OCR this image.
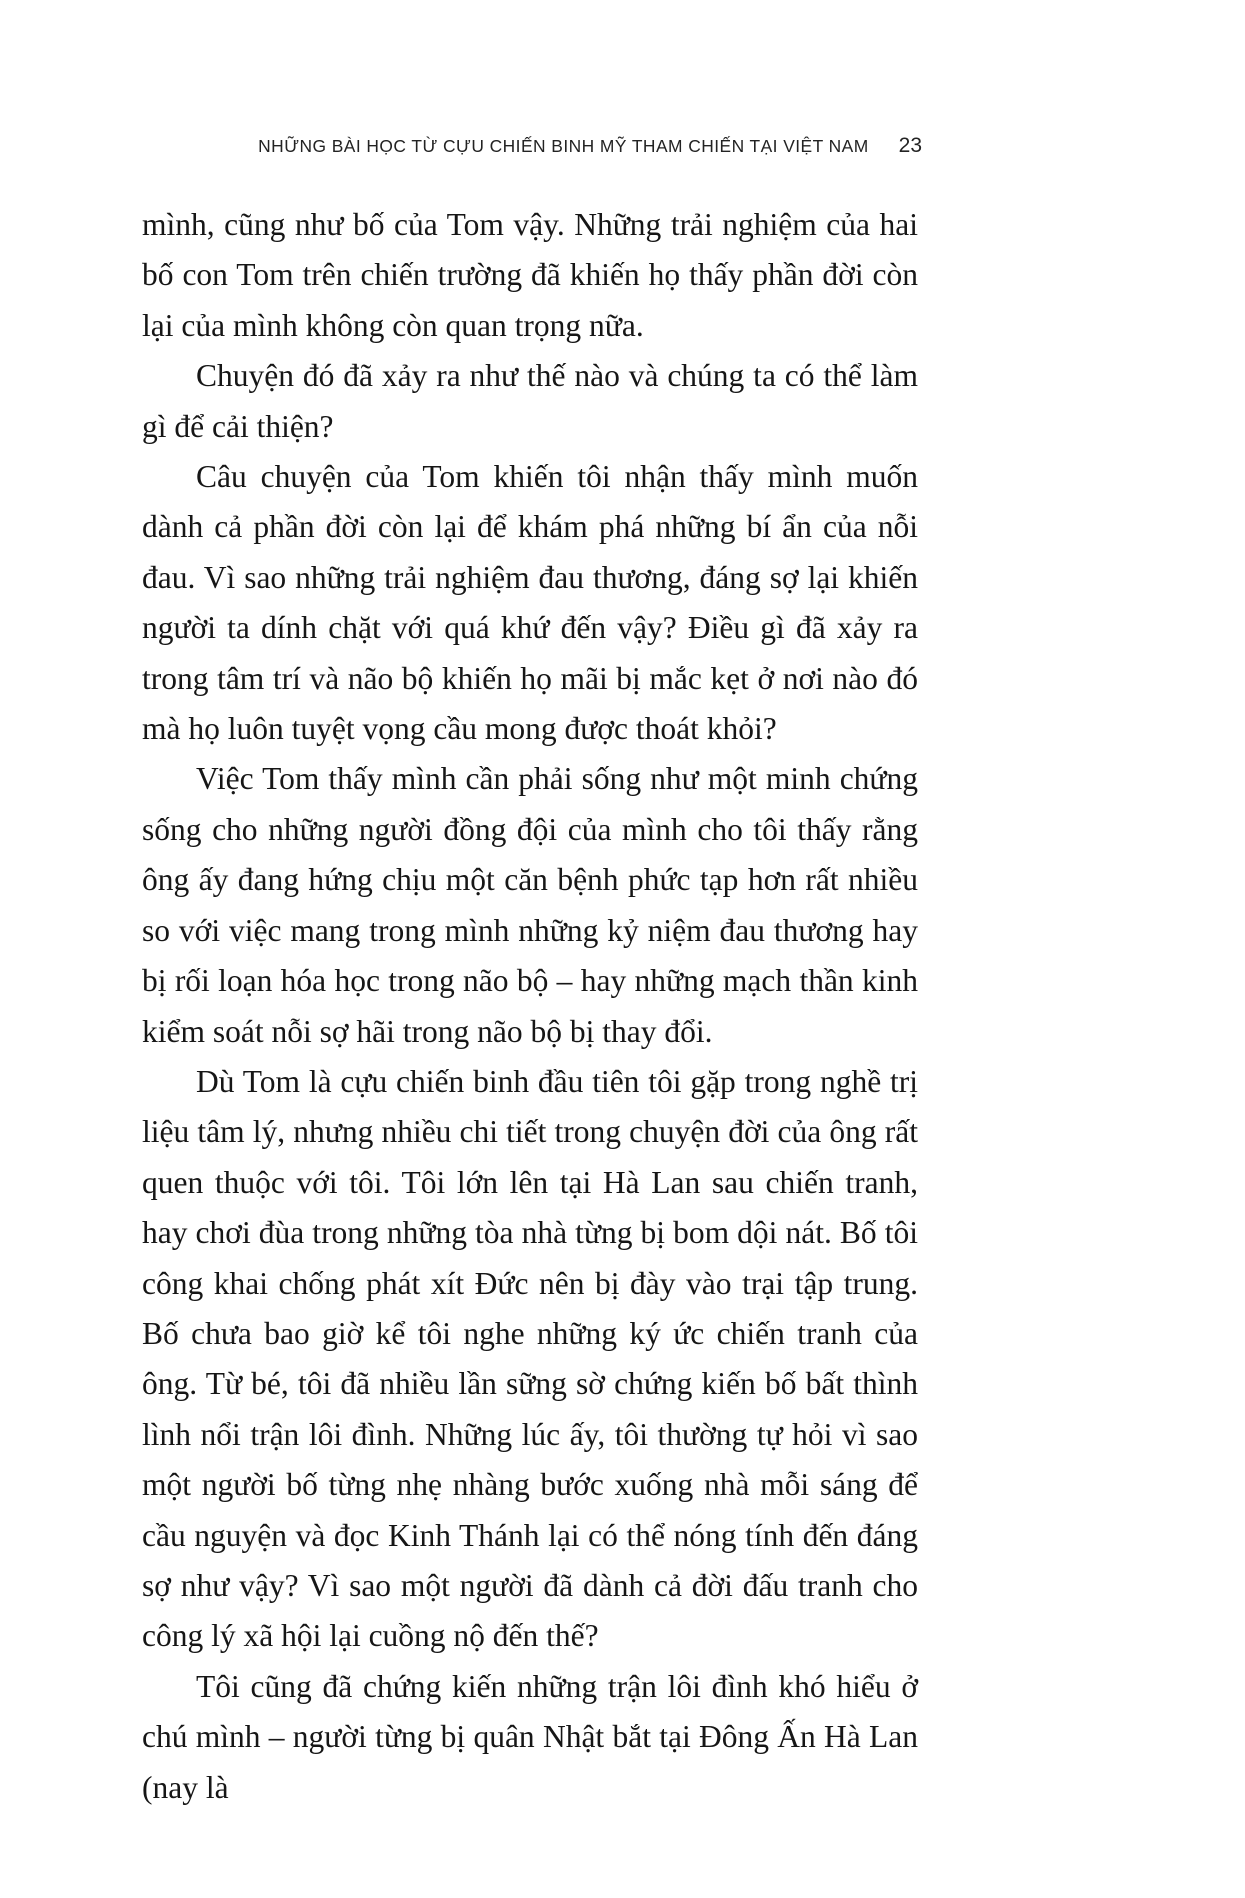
NHỮNG BÀI HỌC TỪ CỰU CHIẾN BINH MỸ THAM CHIẾN TẠI VIỆT NAM 23

mình, cũng như bố của Tom vậy. Những trải nghiệm của hai bố con Tom trên chiến trường đã khiến họ thấy phần đời còn lại của mình không còn quan trọng nữa.

Chuyện đó đã xảy ra như thế nào và chúng ta có thể làm gì để cải thiện?

Câu chuyện của Tom khiến tôi nhận thấy mình muốn dành cả phần đời còn lại để khám phá những bí ẩn của nỗi đau. Vì sao những trải nghiệm đau thương, đáng sợ lại khiến người ta dính chặt với quá khứ đến vậy? Điều gì đã xảy ra trong tâm trí và não bộ khiến họ mãi bị mắc kẹt ở nơi nào đó mà họ luôn tuyệt vọng cầu mong được thoát khỏi?

Việc Tom thấy mình cần phải sống như một minh chứng sống cho những người đồng đội của mình cho tôi thấy rằng ông ấy đang hứng chịu một căn bệnh phức tạp hơn rất nhiều so với việc mang trong mình những kỷ niệm đau thương hay bị rối loạn hóa học trong não bộ – hay những mạch thần kinh kiểm soát nỗi sợ hãi trong não bộ bị thay đổi.

Dù Tom là cựu chiến binh đầu tiên tôi gặp trong nghề trị liệu tâm lý, nhưng nhiều chi tiết trong chuyện đời của ông rất quen thuộc với tôi. Tôi lớn lên tại Hà Lan sau chiến tranh, hay chơi đùa trong những tòa nhà từng bị bom dội nát. Bố tôi công khai chống phát xít Đức nên bị đày vào trại tập trung. Bố chưa bao giờ kể tôi nghe những ký ức chiến tranh của ông. Từ bé, tôi đã nhiều lần sững sờ chứng kiến bố bất thình lình nổi trận lôi đình. Những lúc ấy, tôi thường tự hỏi vì sao một người bố từng nhẹ nhàng bước xuống nhà mỗi sáng để cầu nguyện và đọc Kinh Thánh lại có thể nóng tính đến đáng sợ như vậy? Vì sao một người đã dành cả đời đấu tranh cho công lý xã hội lại cuồng nộ đến thế?

Tôi cũng đã chứng kiến những trận lôi đình khó hiểu ở chú mình – người từng bị quân Nhật bắt tại Đông Ấn Hà Lan (nay là
